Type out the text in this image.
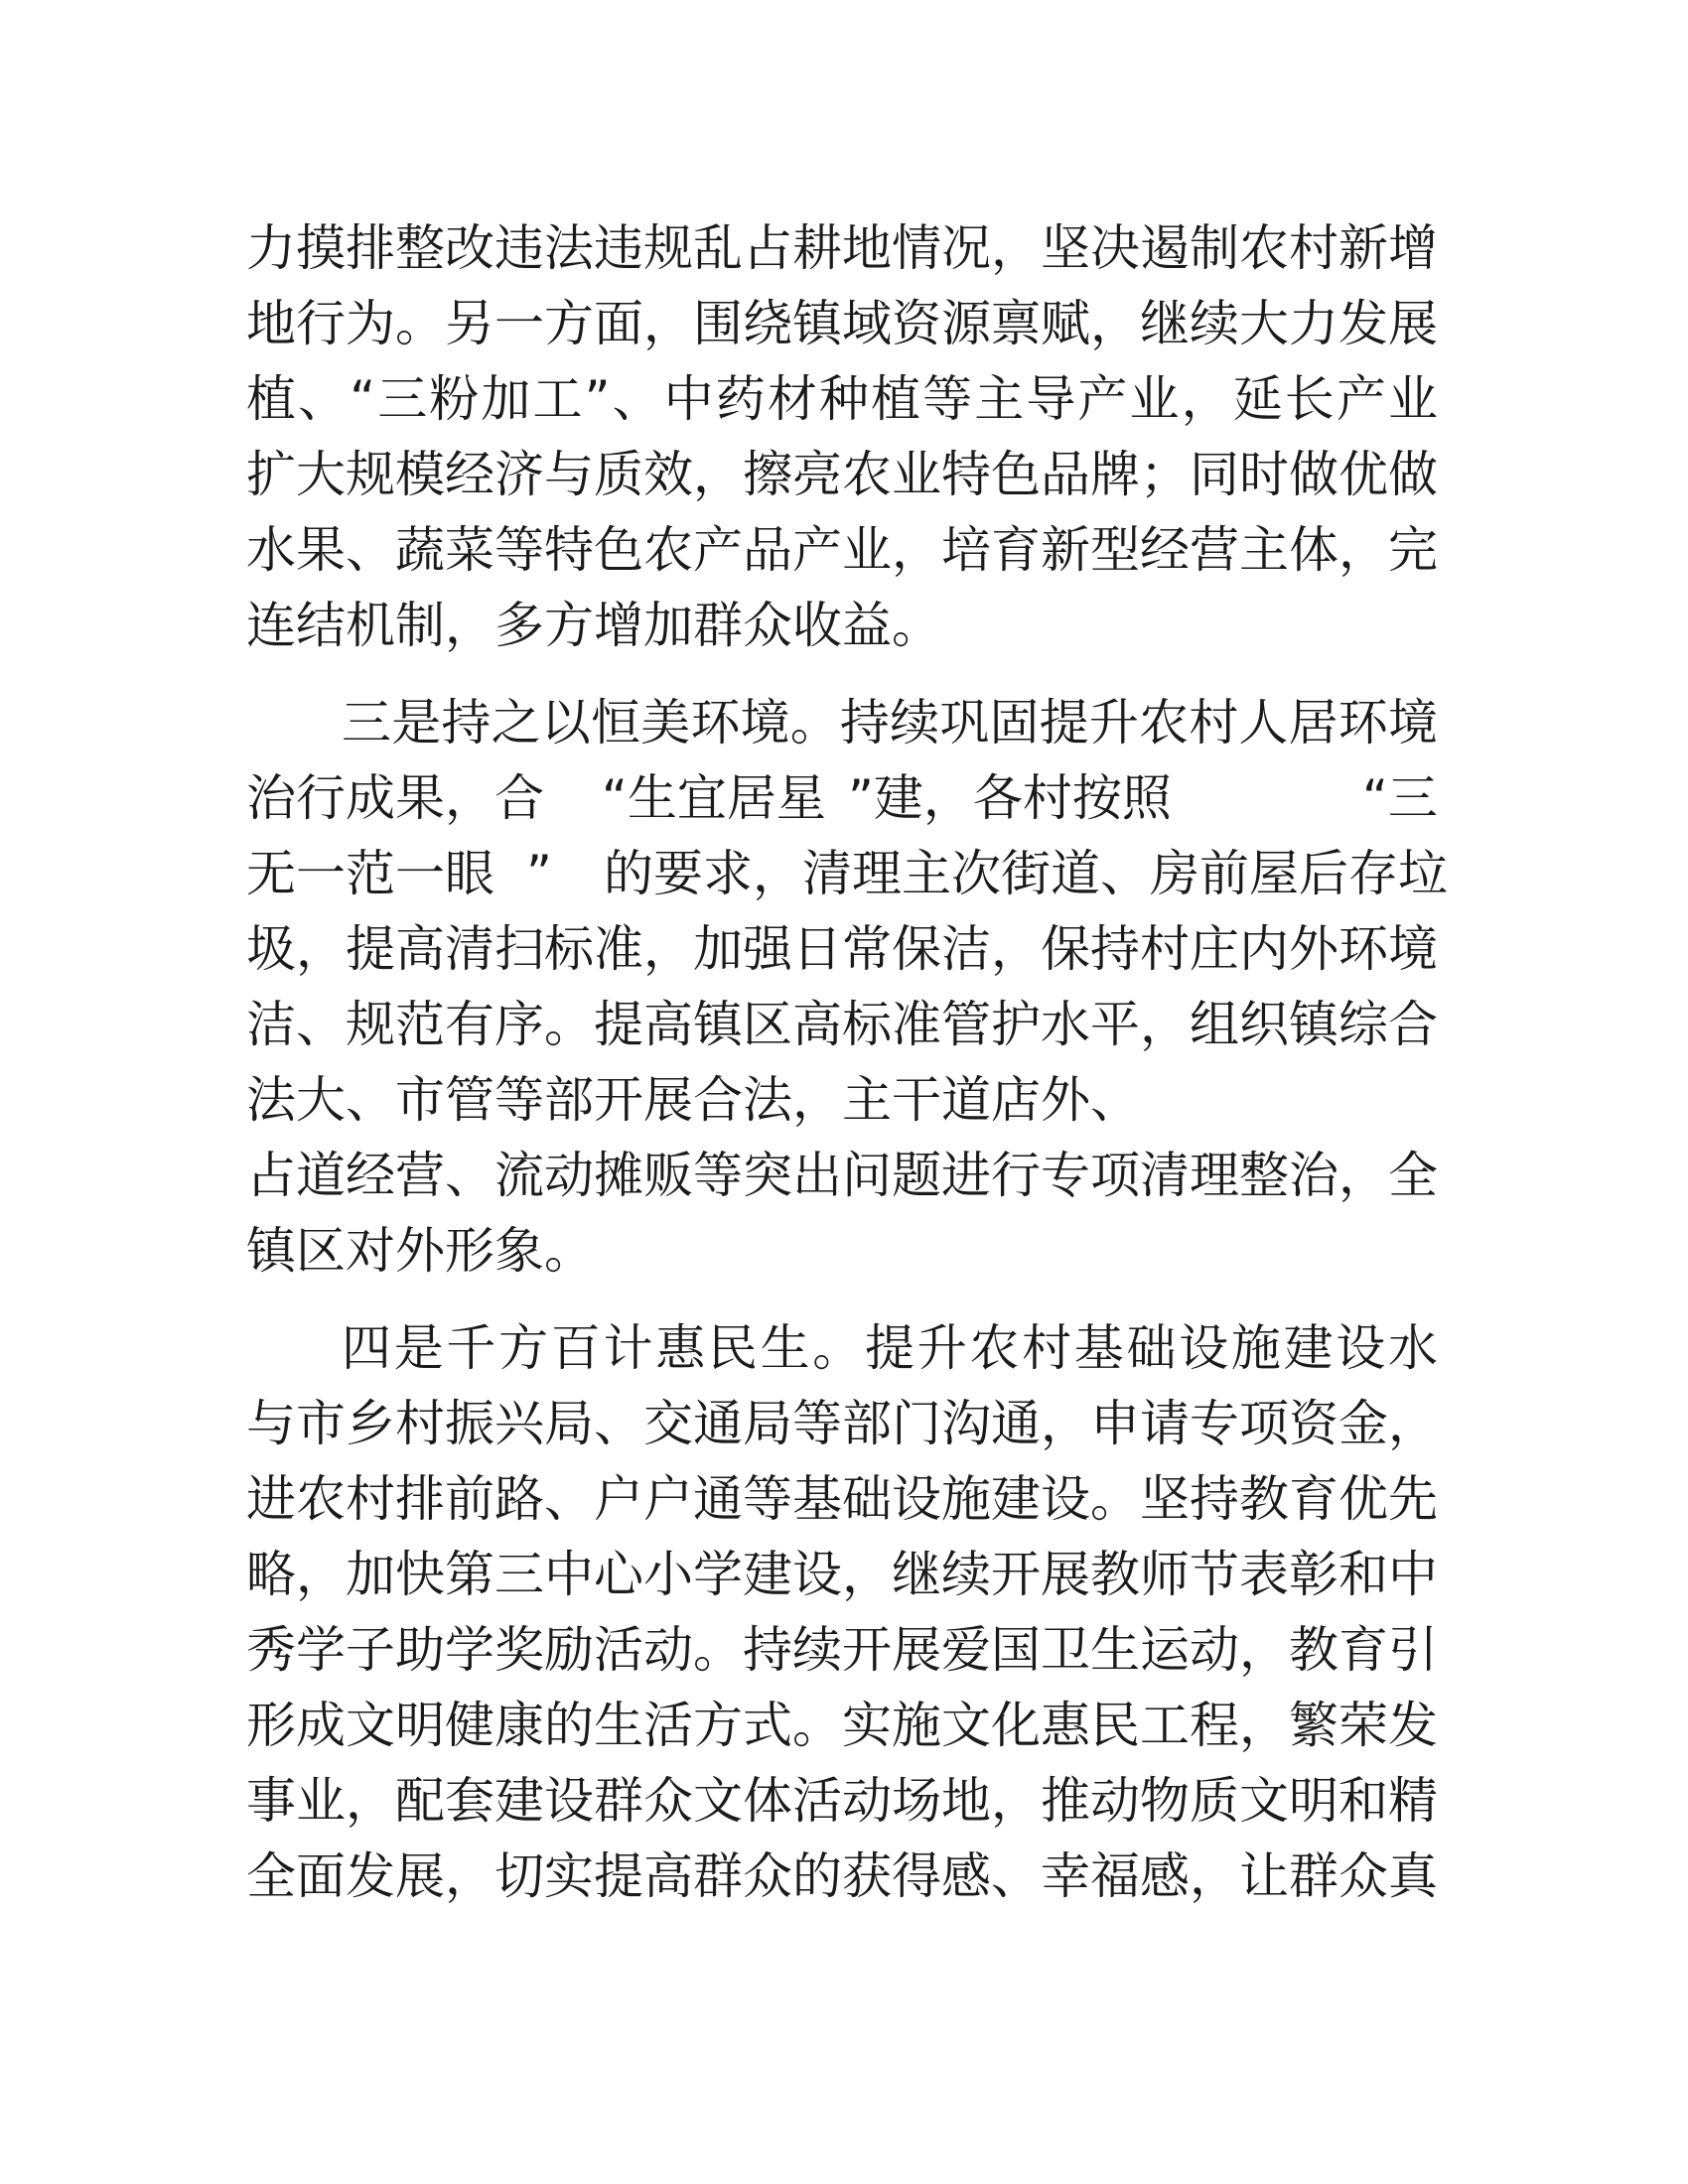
力摸排整改违法违规乱占耕地情况，坚决遏制农村新增
地行为。另一方面，围绕镇域资源禀赋，继续大力发展
植、“三粉加工”、中药材种植等主导产业，延长产业
扩大规模经济与质效，擦亮农业特色品牌；同时做优做
水果、蔬菜等特色农产品产业，培育新型经营主体，完
连结机制，多方增加群众收益。
三是持之以恒美环境。持续巩固提升农村人居环境
治行成果，合 “生宜居星 ”建，各村按照	“三
无一范一眼 ” 的要求，清理主次街道、房前屋后存垃
圾，提高清扫标准，加强日常保洁，保持村庄内外环境
洁、规范有序。提高镇区高标准管护水平，组织镇综合
法大、市管等部开展合法，主干道店外、
占道经营、流动摊贩等突出问题进行专项清理整治，全
镇区对外形象。
四是千方百计惠民生。提升农村基础设施建设水
与市乡村振兴局、交通局等部门沟通，申请专项资金，
进农村排前路、户户通等基础设施建设。坚持教育优先
略，加快第三中心小学建设，继续开展教师节表彰和中
秀学子助学奖励活动。持续开展爱国卫生运动，教育引
形成文明健康的生活方式。实施文化惠民工程，繁荣发
事业，配套建设群众文体活动场地，推动物质文明和精
全面发展，切实提高群众的获得感、幸福感，让群众真
